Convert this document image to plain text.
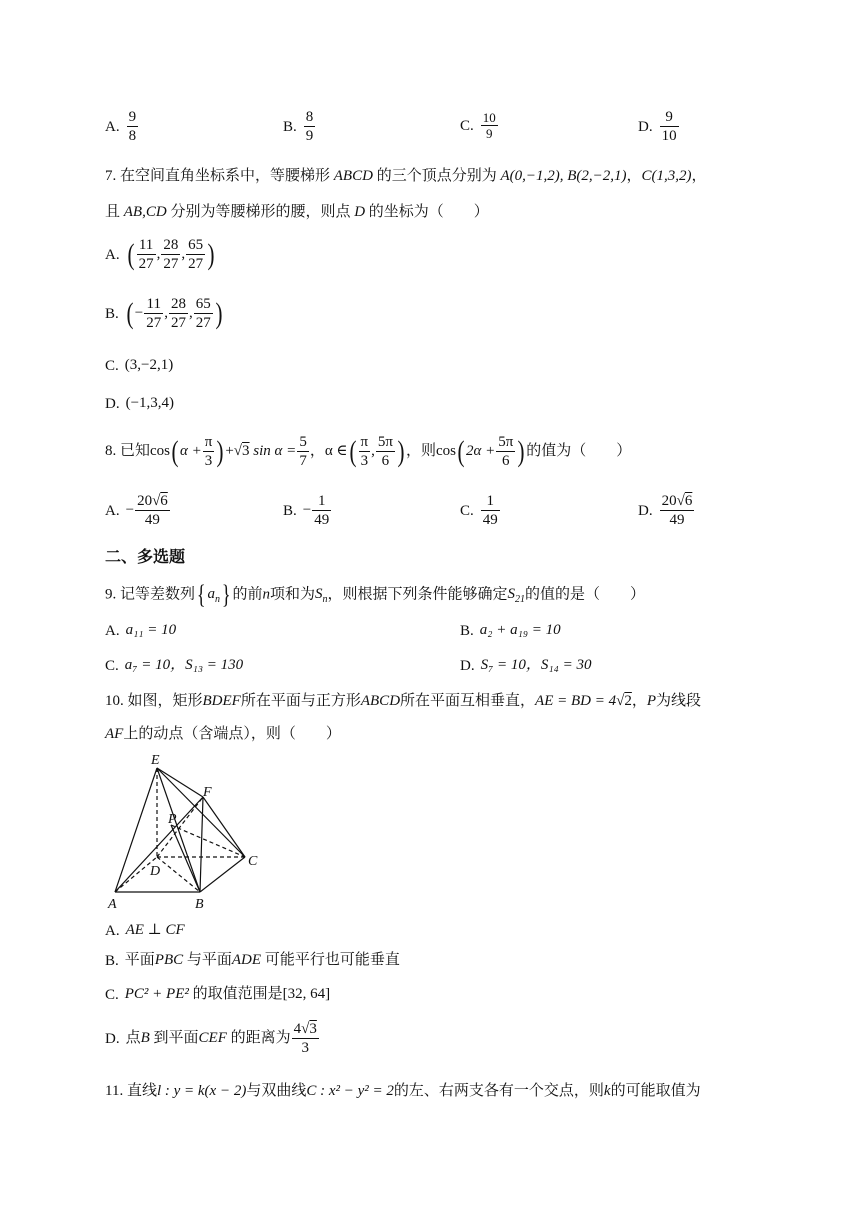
A. $\frac{9}{8}$	B. $\frac{8}{9}$	C. $\frac{10}{9}$	D. $\frac{9}{10}$
7. 在空间直角坐标系中，等腰梯形 ABCD 的三个顶点分别为 A(0,−1,2), B(2,−2,1)，C(1,3,2)，
且 AB,CD 分别为等腰梯形的腰，则点 D 的坐标为（　　）
A. ( $\frac{11}{27}$ , $\frac{28}{27}$ , $\frac{65}{27}$ )
B. ( − $\frac{11}{27}$ , $\frac{28}{27}$ , $\frac{65}{27}$ )
C. (3,−2,1)
D. (−1,3,4)
8. 已知cos( $\alpha + \frac{\pi}{3}$ ) +√3 $\sin \alpha = \frac{5}{7}$ ，α ∈( $\frac{\pi}{3}$ , $\frac{5\pi}{6}$ ) ，则cos( $2\alpha + \frac{5\pi}{6}$ ) 的值为（　　）
A. − $\frac{20√6}{49}$	B. − $\frac{1}{49}$	C. $\frac{1}{49}$	D. $\frac{20√6}{49}$
二、多选题
9. 记等差数列{ $a_n$} 的前n项和为$S_n$，则根据下列条件能够确定$S_{21}$的值的是（　　）
A. a₁₁ = 10	B. a₂ + a₁₉ = 10
C. a₇ = 10，S₁₃ = 130	D. S₇ = 10，S₁₄ = 30
10. 如图，矩形BDEF所在平面与正方形ABCD所在平面互相垂直，AE = BD = 4√2，P为线段
AF上的动点（含端点），则（　　）
E
F
P
D
C
A	B
A. AE ⊥ CF
B. 平面PBC 与平面ADE 可能平行也可能垂直
C. PC² + PE² 的取值范围是[32, 64]
D. 点B 到平面CEF 的距离为 $\frac{4√3}{3}$
11. 直线l : y = k(x − 2)与双曲线C : x² − y² = 2的左、右两支各有一个交点，则k的可能取值为
